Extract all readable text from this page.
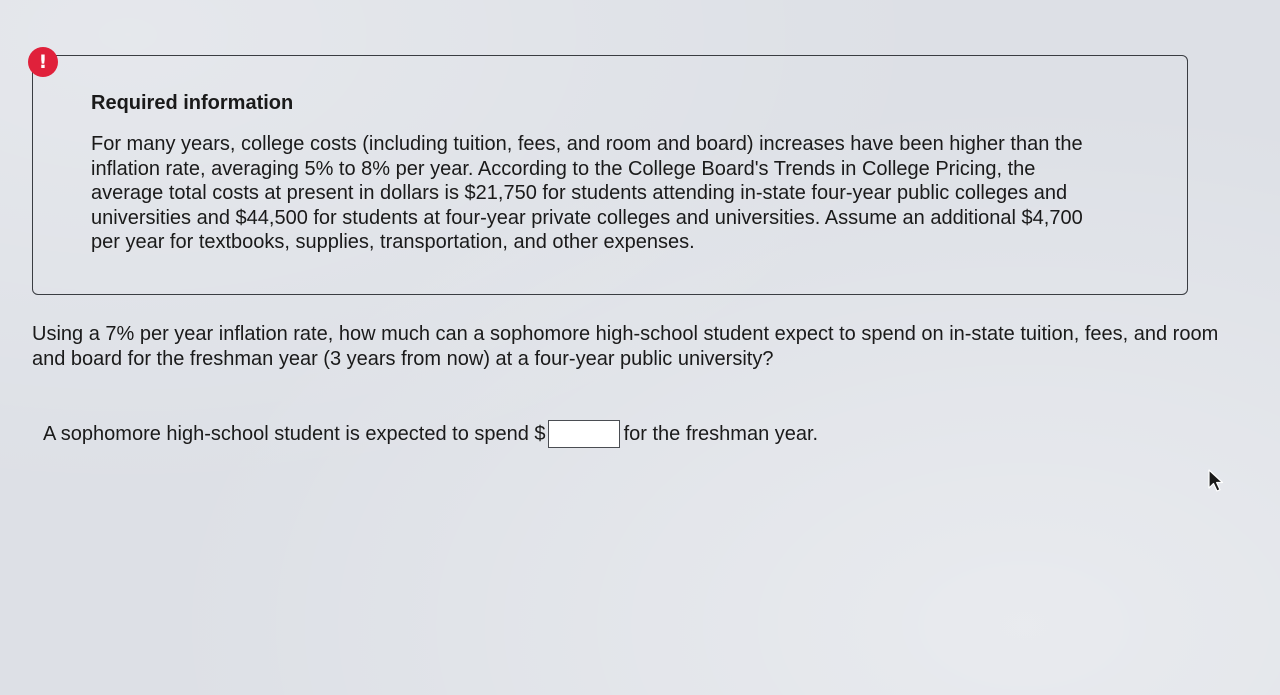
!
Required information

For many years, college costs (including tuition, fees, and room and board) increases have been higher than the inflation rate, averaging 5% to 8% per year. According to the College Board's Trends in College Pricing, the average total costs at present in dollars is $21,750 for students attending in-state four-year public colleges and universities and $44,500 for students at four-year private colleges and universities. Assume an additional $4,700 per year for textbooks, supplies, transportation, and other expenses.

Using a 7% per year inflation rate, how much can a sophomore high-school student expect to spend on in-state tuition, fees, and room and board for the freshman year (3 years from now) at a four-year public university?

A sophomore high-school student is expected to spend $	for the freshman year.
